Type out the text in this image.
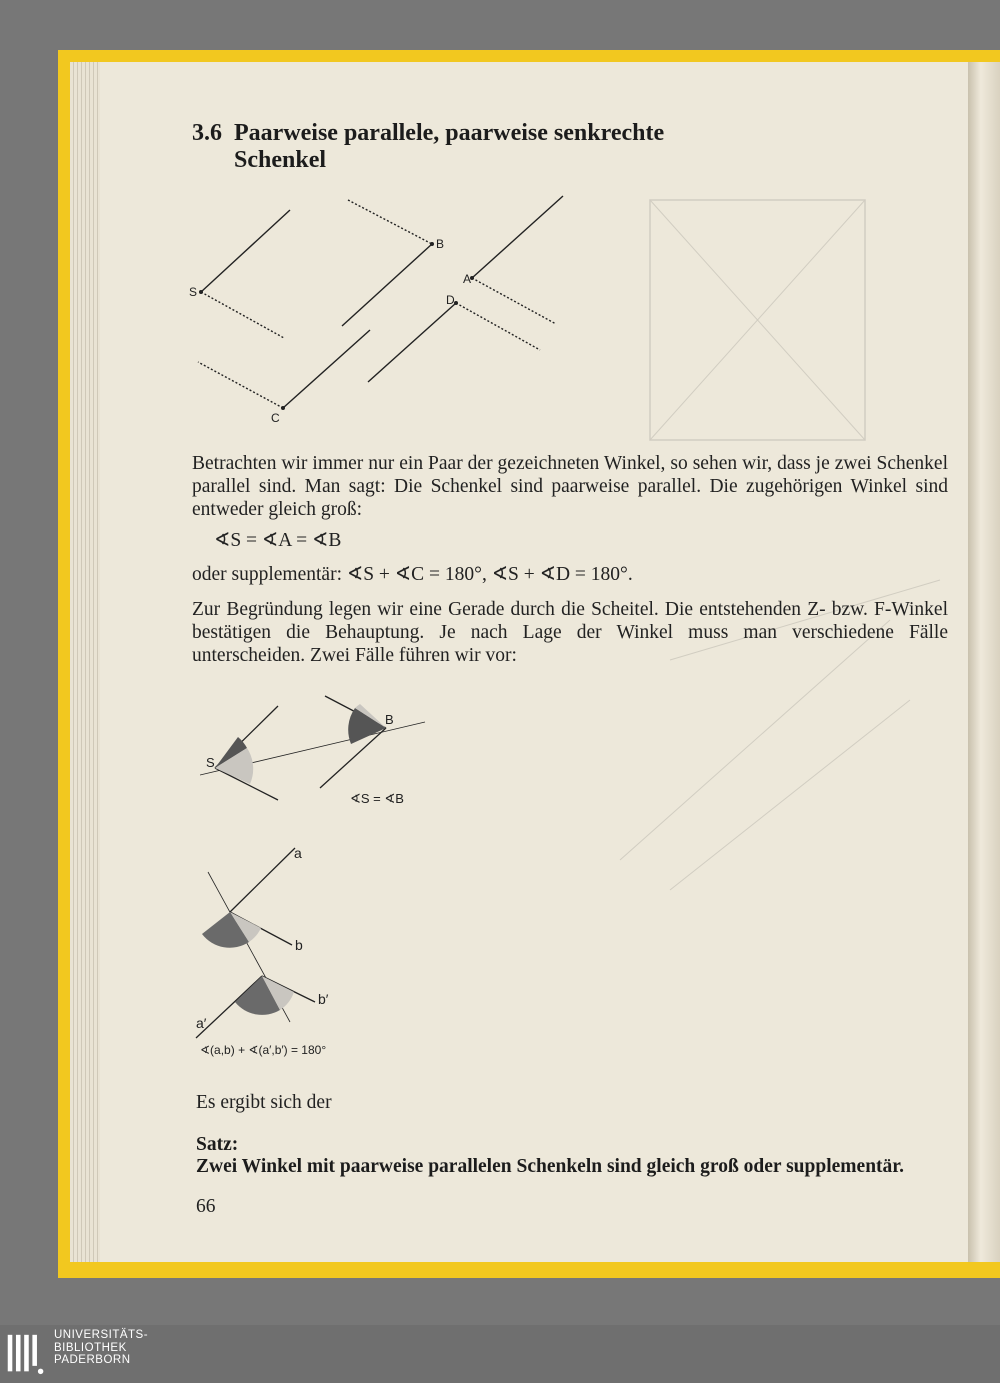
3.6 Paarweise parallele, paarweise senkrechte
Schenkel
S
B
A
D
C
Betrachten wir immer nur ein Paar der gezeichneten Winkel, so sehen wir, dass je zwei Schenkel parallel sind. Man sagt: Die Schenkel sind paarweise parallel. Die zugehörigen Winkel sind entweder gleich groß:
∢S = ∢A = ∢B
oder supplementär: ∢S + ∢C = 180°, ∢S + ∢D = 180°.
Zur Begründung legen wir eine Gerade durch die Scheitel. Die entstehenden Z- bzw. F-Winkel bestätigen die Behauptung. Je nach Lage der Winkel muss man verschiedene Fälle unterscheiden. Zwei Fälle führen wir vor:
S
B
∢S = ∢B
a
b
b′
a′
∢(a,b) + ∢(a′,b′) = 180°
Es ergibt sich der
Satz:
Zwei Winkel mit paarweise parallelen Schenkeln sind gleich groß oder supplementär.
66
UNIVERSITÄTS-
BIBLIOTHEK
PADERBORN
